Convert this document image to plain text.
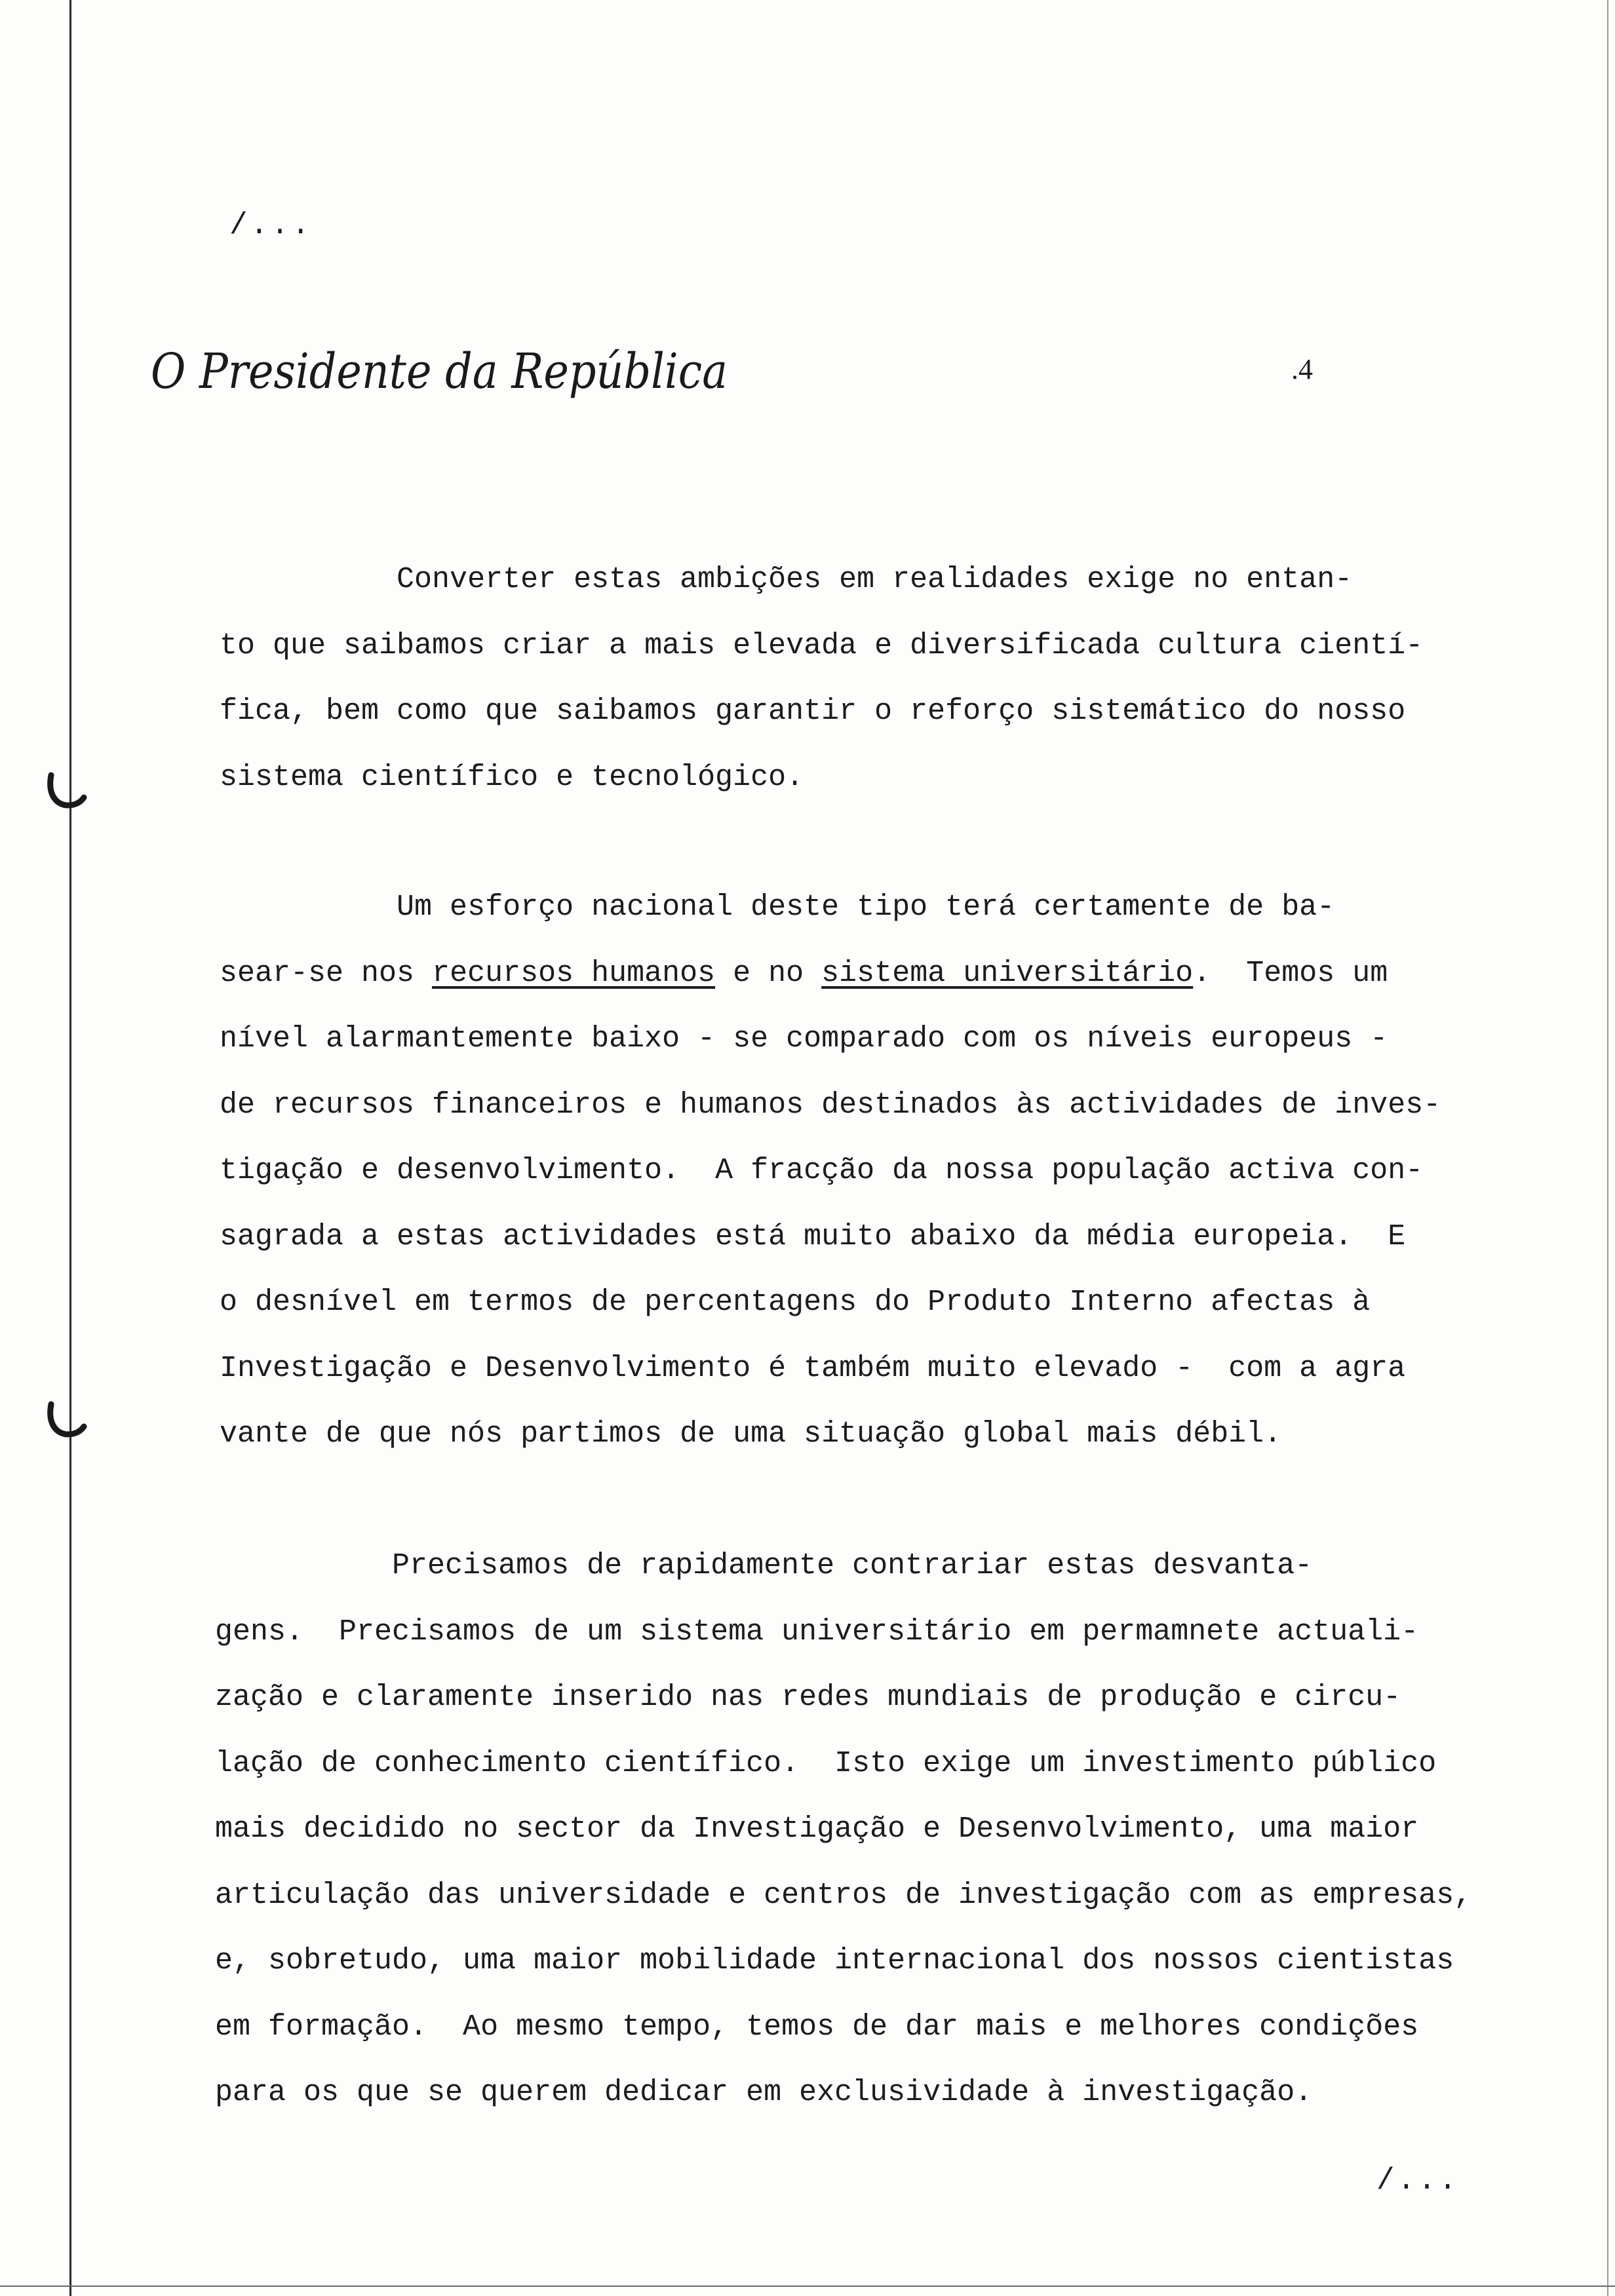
/...
O Presidente da República	.4
Converter estas ambições em realidades exige no entan-
to que saibamos criar a mais elevada e diversificada cultura cientí-
fica, bem como que saibamos garantir o reforço sistemático do nosso
sistema científico e tecnológico.
Um esforço nacional deste tipo terá certamente de ba-
sear-se nos recursos humanos e no sistema universitário.  Temos um
nível alarmantemente baixo - se comparado com os níveis europeus -
de recursos financeiros e humanos destinados às actividades de inves-
tigação e desenvolvimento.  A fracção da nossa população activa con-
sagrada a estas actividades está muito abaixo da média europeia.  E
o desnível em termos de percentagens do Produto Interno afectas à
Investigação e Desenvolvimento é também muito elevado -  com a agra
vante de que nós partimos de uma situação global mais débil.
Precisamos de rapidamente contrariar estas desvanta-
gens.  Precisamos de um sistema universitário em permamnete actuali-
zação e claramente inserido nas redes mundiais de produção e circu-
lação de conhecimento científico.  Isto exige um investimento público
mais decidido no sector da Investigação e Desenvolvimento, uma maior
articulação das universidade e centros de investigação com as empresas,
e, sobretudo, uma maior mobilidade internacional dos nossos cientistas
em formação.  Ao mesmo tempo, temos de dar mais e melhores condições
para os que se querem dedicar em exclusividade à investigação.
/...
